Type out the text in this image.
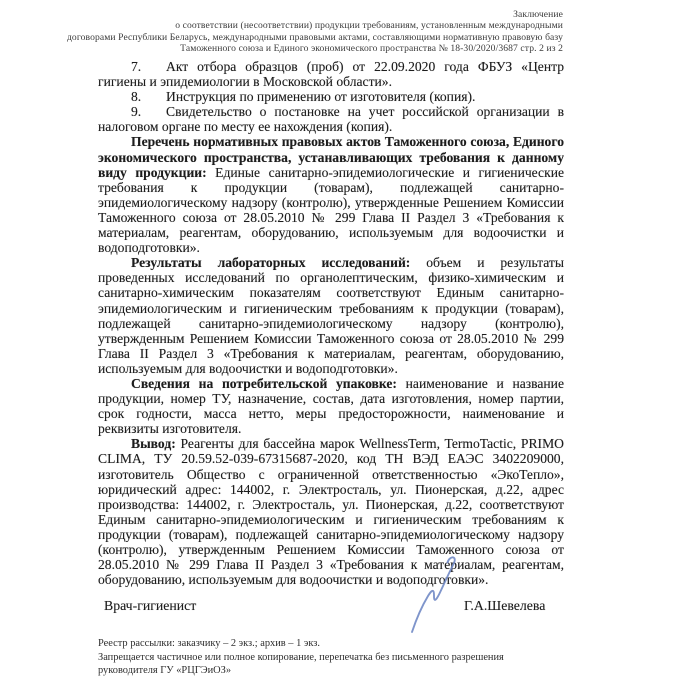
Заключение
о соответствии (несоответствии) продукции требованиям, установленным международными
договорами Республики Беларусь, международными правовыми актами, составляющими нормативную правовую базу
Таможенного союза и Единого экономического пространства № 18-30/2020/3687 стр. 2 из 2

7. Акт отбора образцов (проб) от 22.09.2020 года ФБУЗ «Центр гигиены и эпидемиологии в Московской области».

8. Инструкция по применению от изготовителя (копия).

9. Свидетельство о постановке на учет российской организации в налоговом органе по месту ее нахождения (копия).

Перечень нормативных правовых актов Таможенного союза, Единого экономического пространства, устанавливающих требования к данному виду продукции: Единые санитарно-эпидемиологические и гигиенические требования к продукции (товарам), подлежащей санитарно-эпидемиологическому надзору (контролю), утвержденные Решением Комиссии Таможенного союза от 28.05.2010 № 299 Глава II Раздел 3 «Требования к материалам, реагентам, оборудованию, используемым для водоочистки и водоподготовки».

Результаты лабораторных исследований: объем и результаты проведенных исследований по органолептическим, физико-химическим и санитарно-химическим показателям соответствуют Единым санитарно-эпидемиологическим и гигиеническим требованиям к продукции (товарам), подлежащей санитарно-эпидемиологическому надзору (контролю), утвержденным Решением Комиссии Таможенного союза от 28.05.2010 № 299 Глава II Раздел 3 «Требования к материалам, реагентам, оборудованию, используемым для водоочистки и водоподготовки».

Сведения на потребительской упаковке: наименование и название продукции, номер ТУ, назначение, состав, дата изготовления, номер партии, срок годности, масса нетто, меры предосторожности, наименование и реквизиты изготовителя.

Вывод: Реагенты для бассейна марок WellnessTerm, TermoTactic, PRIMO CLIMA, ТУ 20.59.52-039-67315687-2020, код ТН ВЭД ЕАЭС 3402209000, изготовитель Общество с ограниченной ответственностью «ЭкоТепло», юридический адрес: 144002, г. Электросталь, ул. Пионерская, д.22, адрес производства: 144002, г. Электросталь, ул. Пионерская, д.22, соответствуют Единым санитарно-эпидемиологическим и гигиеническим требованиям к продукции (товарам), подлежащей санитарно-эпидемиологическому надзору (контролю), утвержденным Решением Комиссии Таможенного союза от 28.05.2010 № 299 Глава II Раздел 3 «Требования к материалам, реагентам, оборудованию, используемым для водоочистки и водоподготовки».

Врач-гигиенист	Г.А.Шевелева
Реестр рассылки: заказчику – 2 экз.; архив – 1 экз.
Запрещается частичное или полное копирование, перепечатка без письменного разрешения
руководителя ГУ «РЦГЭиОЗ»
